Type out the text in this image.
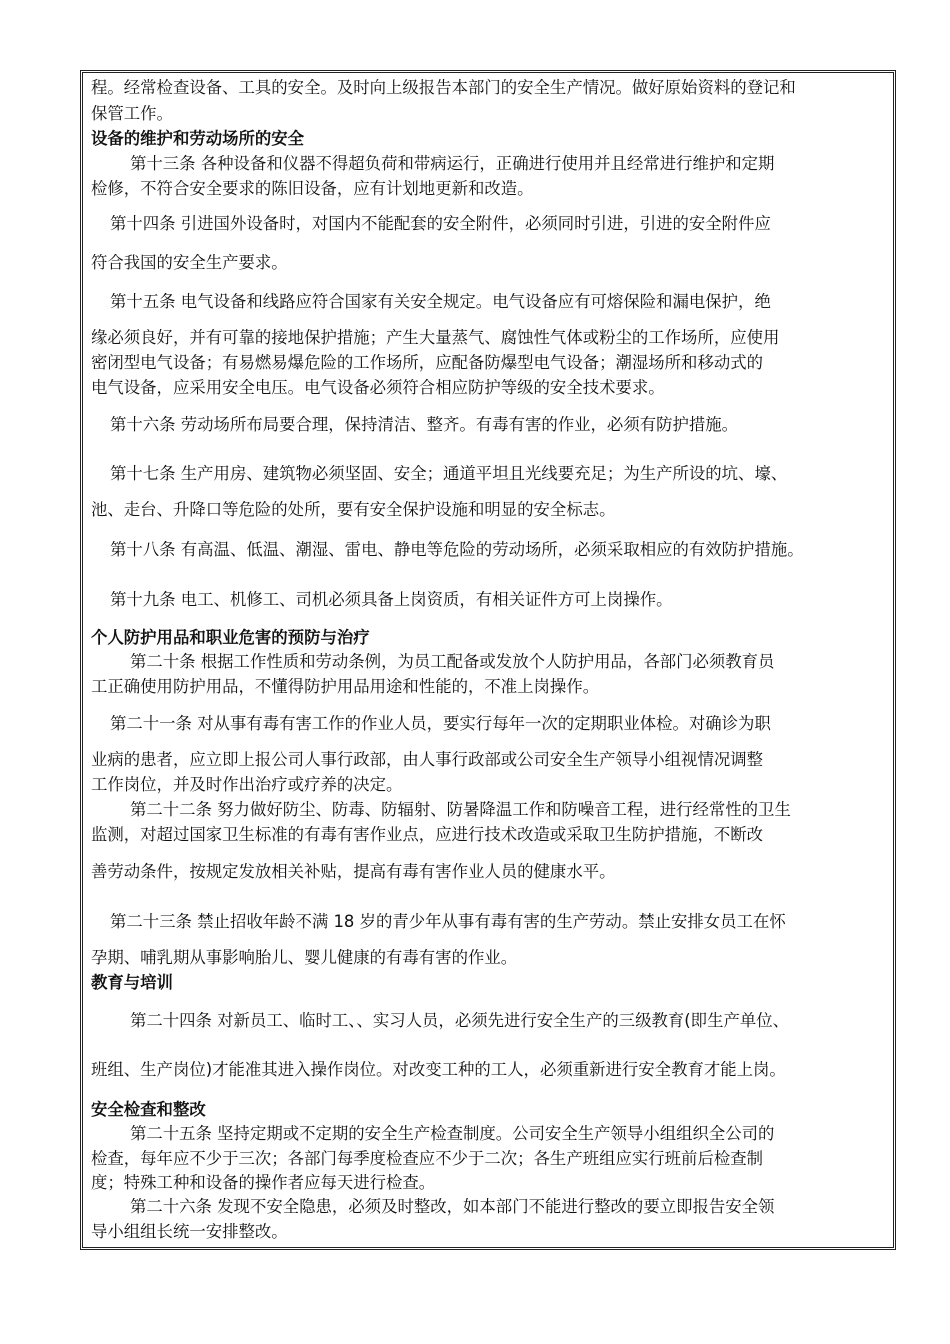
程。经常检查设备、工具的安全。及时向上级报告本部门的安全生产情况。做好原始资料的登记和
保管工作。
设备的维护和劳动场所的安全
第十三条 各种设备和仪器不得超负荷和带病运行，正确进行使用并且经常进行维护和定期
检修，不符合安全要求的陈旧设备，应有计划地更新和改造。
第十四条 引进国外设备时，对国内不能配套的安全附件，必须同时引进，引进的安全附件应
符合我国的安全生产要求。
第十五条 电气设备和线路应符合国家有关安全规定。电气设备应有可熔保险和漏电保护，绝
缘必须良好，并有可靠的接地保护措施；产生大量蒸气、腐蚀性气体或粉尘的工作场所，应使用
密闭型电气设备；有易燃易爆危险的工作场所，应配备防爆型电气设备；潮湿场所和移动式的
电气设备，应采用安全电压。电气设备必须符合相应防护等级的安全技术要求。
第十六条 劳动场所布局要合理，保持清洁、整齐。有毒有害的作业，必须有防护措施。
第十七条 生产用房、建筑物必须坚固、安全；通道平坦且光线要充足；为生产所设的坑、壕、
池、走台、升降口等危险的处所，要有安全保护设施和明显的安全标志。
第十八条 有高温、低温、潮湿、雷电、静电等危险的劳动场所，必须采取相应的有效防护措施。
第十九条 电工、机修工、司机必须具备上岗资质，有相关证件方可上岗操作。
个人防护用品和职业危害的预防与治疗
第二十条 根据工作性质和劳动条例，为员工配备或发放个人防护用品，各部门必须教育员
工正确使用防护用品，不懂得防护用品用途和性能的，不准上岗操作。
第二十一条 对从事有毒有害工作的作业人员，要实行每年一次的定期职业体检。对确诊为职
业病的患者，应立即上报公司人事行政部，由人事行政部或公司安全生产领导小组视情况调整
工作岗位，并及时作出治疗或疗养的决定。
第二十二条 努力做好防尘、防毒、防辐射、防暑降温工作和防噪音工程，进行经常性的卫生
监测，对超过国家卫生标准的有毒有害作业点，应进行技术改造或采取卫生防护措施，不断改
善劳动条件，按规定发放相关补贴，提高有毒有害作业人员的健康水平。
第二十三条 禁止招收年龄不满 18 岁的青少年从事有毒有害的生产劳动。禁止安排女员工在怀
孕期、哺乳期从事影响胎儿、婴儿健康的有毒有害的作业。
教育与培训
第二十四条 对新员工、临时工、、实习人员，必须先进行安全生产的三级教育(即生产单位、
班组、生产岗位)才能准其进入操作岗位。对改变工种的工人，必须重新进行安全教育才能上岗。
安全检查和整改
第二十五条 坚持定期或不定期的安全生产检查制度。公司安全生产领导小组组织全公司的
检查，每年应不少于三次；各部门每季度检查应不少于二次；各生产班组应实行班前后检查制
度；特殊工种和设备的操作者应每天进行检查。
第二十六条 发现不安全隐患，必须及时整改，如本部门不能进行整改的要立即报告安全领
导小组组长统一安排整改。
